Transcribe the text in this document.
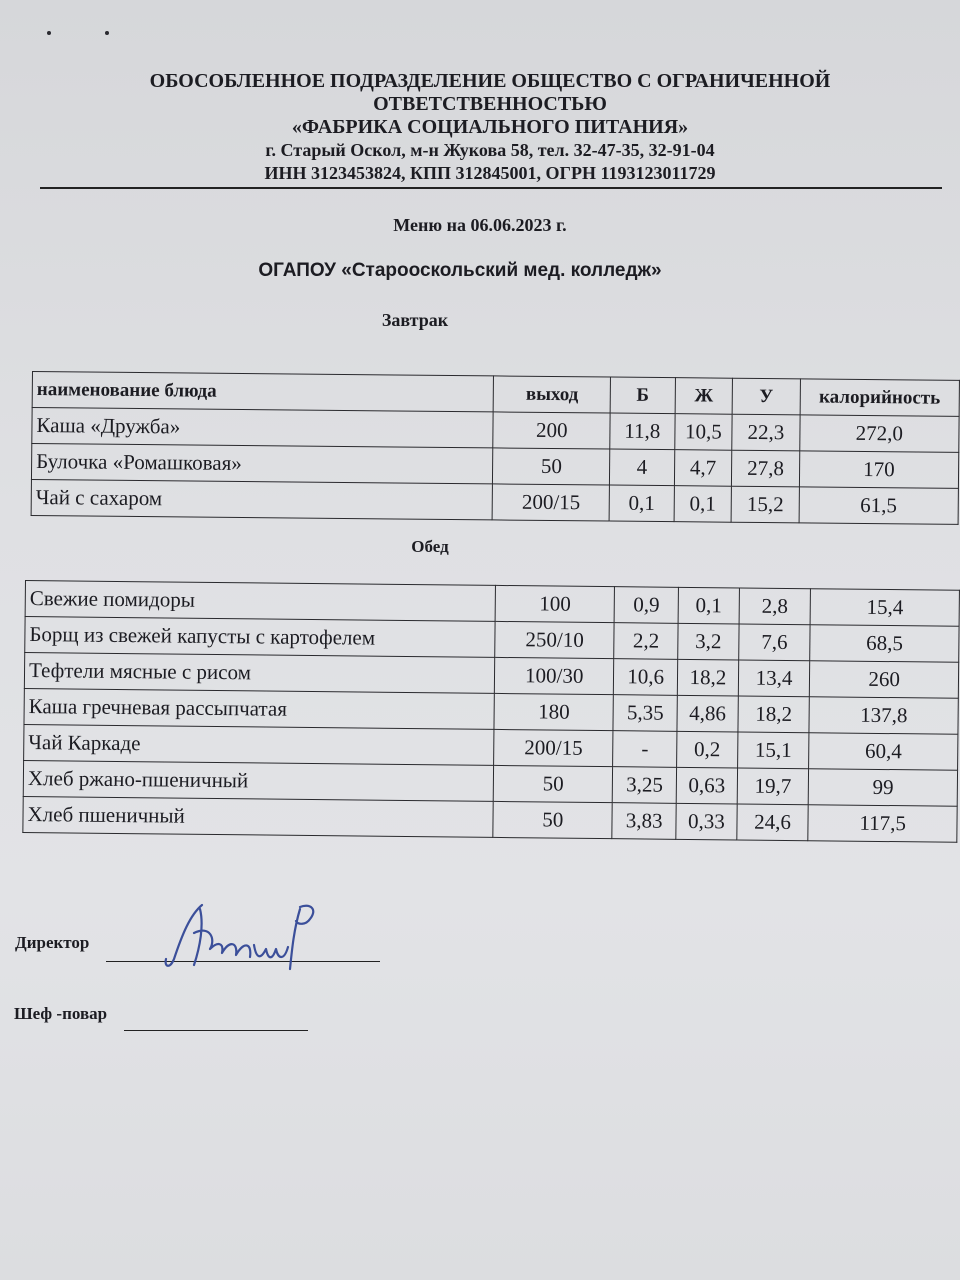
ОБОСОБЛЕННОЕ ПОДРАЗДЕЛЕНИЕ ОБЩЕСТВО С ОГРАНИЧЕННОЙ
ОТВЕТСТВЕННОСТЬЮ
«ФАБРИКА СОЦИАЛЬНОГО ПИТАНИЯ»
г. Старый Оскол, м-н Жукова 58, тел. 32-47-35, 32-91-04
ИНН 3123453824, КПП 312845001, ОГРН 1193123011729
Меню на 06.06.2023 г.
ОГАПОУ «Старооскольский мед. колледж»
Завтрак
наименование блюда	выход	Б	Ж	У	калорийность
Каша «Дружба»	200	11,8	10,5	22,3	272,0
Булочка «Ромашковая»	50	4	4,7	27,8	170
Чай с сахаром	200/15	0,1	0,1	15,2	61,5
Обед
Свежие помидоры	100	0,9	0,1	2,8	15,4
Борщ из свежей капусты с картофелем	250/10	2,2	3,2	7,6	68,5
Тефтели мясные с рисом	100/30	10,6	18,2	13,4	260
Каша гречневая рассыпчатая	180	5,35	4,86	18,2	137,8
Чай Каркаде	200/15	-	0,2	15,1	60,4
Хлеб ржано-пшеничный	50	3,25	0,63	19,7	99
Хлеб пшеничный	50	3,83	0,33	24,6	117,5
Директор
Шеф -повар
